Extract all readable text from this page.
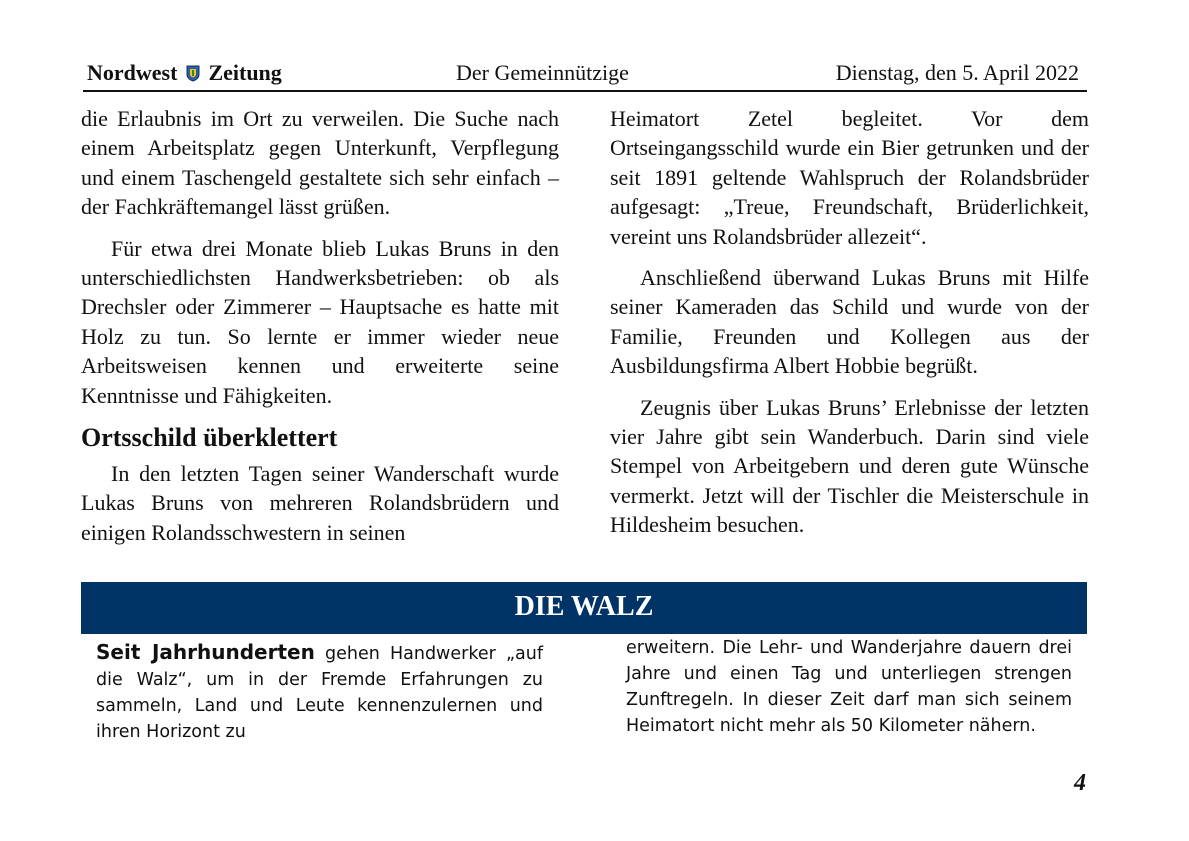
Nordwest Zeitung	Der Gemeinnützige	Dienstag, den 5. April 2022

die Erlaubnis im Ort zu verweilen. Die Suche nach einem Arbeitsplatz gegen Unterkunft, Verpflegung und einem Taschengeld gestaltete sich sehr einfach – der Fachkräftemangel lässt grüßen.

Für etwa drei Monate blieb Lukas Bruns in den unterschiedlichsten Handwerksbetrieben: ob als Drechsler oder Zimmerer – Hauptsache es hatte mit Holz zu tun. So lernte er immer wieder neue Arbeitsweisen kennen und erweiterte seine Kenntnisse und Fähigkeiten.

Ortsschild überklettert

In den letzten Tagen seiner Wanderschaft wurde Lukas Bruns von mehreren Rolandsbrüdern und einigen Rolandsschwestern in seinen

Heimatort Zetel begleitet. Vor dem Ortseingangsschild wurde ein Bier getrunken und der seit 1891 geltende Wahlspruch der Rolandsbrüder aufgesagt: „Treue, Freundschaft, Brüderlichkeit, vereint uns Rolandsbrüder allezeit“.

Anschließend überwand Lukas Bruns mit Hilfe seiner Kameraden das Schild und wurde von der Familie, Freunden und Kollegen aus der Ausbildungsfirma Albert Hobbie begrüßt.

Zeugnis über Lukas Bruns’ Erlebnisse der letzten vier Jahre gibt sein Wanderbuch. Darin sind viele Stempel von Arbeitgebern und deren gute Wünsche vermerkt. Jetzt will der Tischler die Meisterschule in Hildesheim besuchen.

DIE WALZ

Seit Jahrhunderten gehen Handwerker „auf die Walz“, um in der Fremde Erfahrungen zu sammeln, Land und Leute kennenzulernen und ihren Horizont zu

erweitern. Die Lehr- und Wanderjahre dauern drei Jahre und einen Tag und unterliegen strengen Zunftregeln. In dieser Zeit darf man sich seinem Heimatort nicht mehr als 50 Kilometer nähern.

4
